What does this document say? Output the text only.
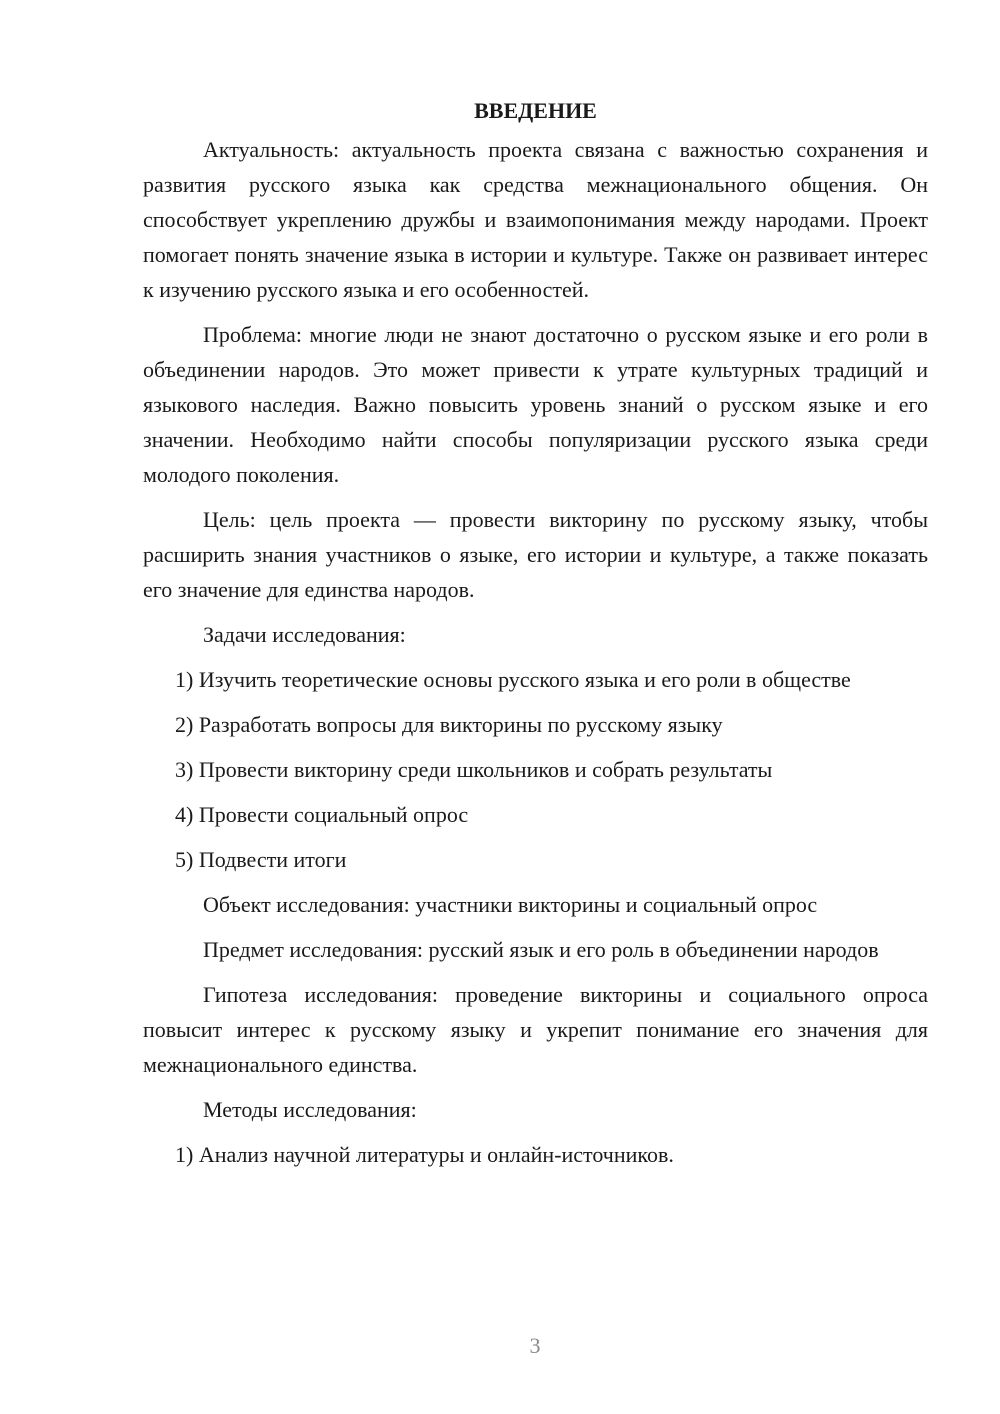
ВВЕДЕНИЕ

Актуальность: актуальность проекта связана с важностью сохранения и развития русского языка как средства межнационального общения. Он способствует укреплению дружбы и взаимопонимания между народами. Проект помогает понять значение языка в истории и культуре. Также он развивает интерес к изучению русского языка и его особенностей.

Проблема: многие люди не знают достаточно о русском языке и его роли в объединении народов. Это может привести к утрате культурных традиций и языкового наследия. Важно повысить уровень знаний о русском языке и его значении. Необходимо найти способы популяризации русского языка среди молодого поколения.

Цель: цель проекта — провести викторину по русскому языку, чтобы расширить знания участников о языке, его истории и культуре, а также показать его значение для единства народов.

Задачи исследования:

1) Изучить теоретические основы русского языка и его роли в обществе

2) Разработать вопросы для викторины по русскому языку

3) Провести викторину среди школьников и собрать результаты

4) Провести социальный опрос

5) Подвести итоги

Объект исследования: участники викторины и социальный опрос

Предмет исследования: русский язык и его роль в объединении народов

Гипотеза исследования: проведение викторины и социального опроса повысит интерес к русскому языку и укрепит понимание его значения для межнационального единства.

Методы исследования:

1) Анализ научной литературы и онлайн-источников.

3
